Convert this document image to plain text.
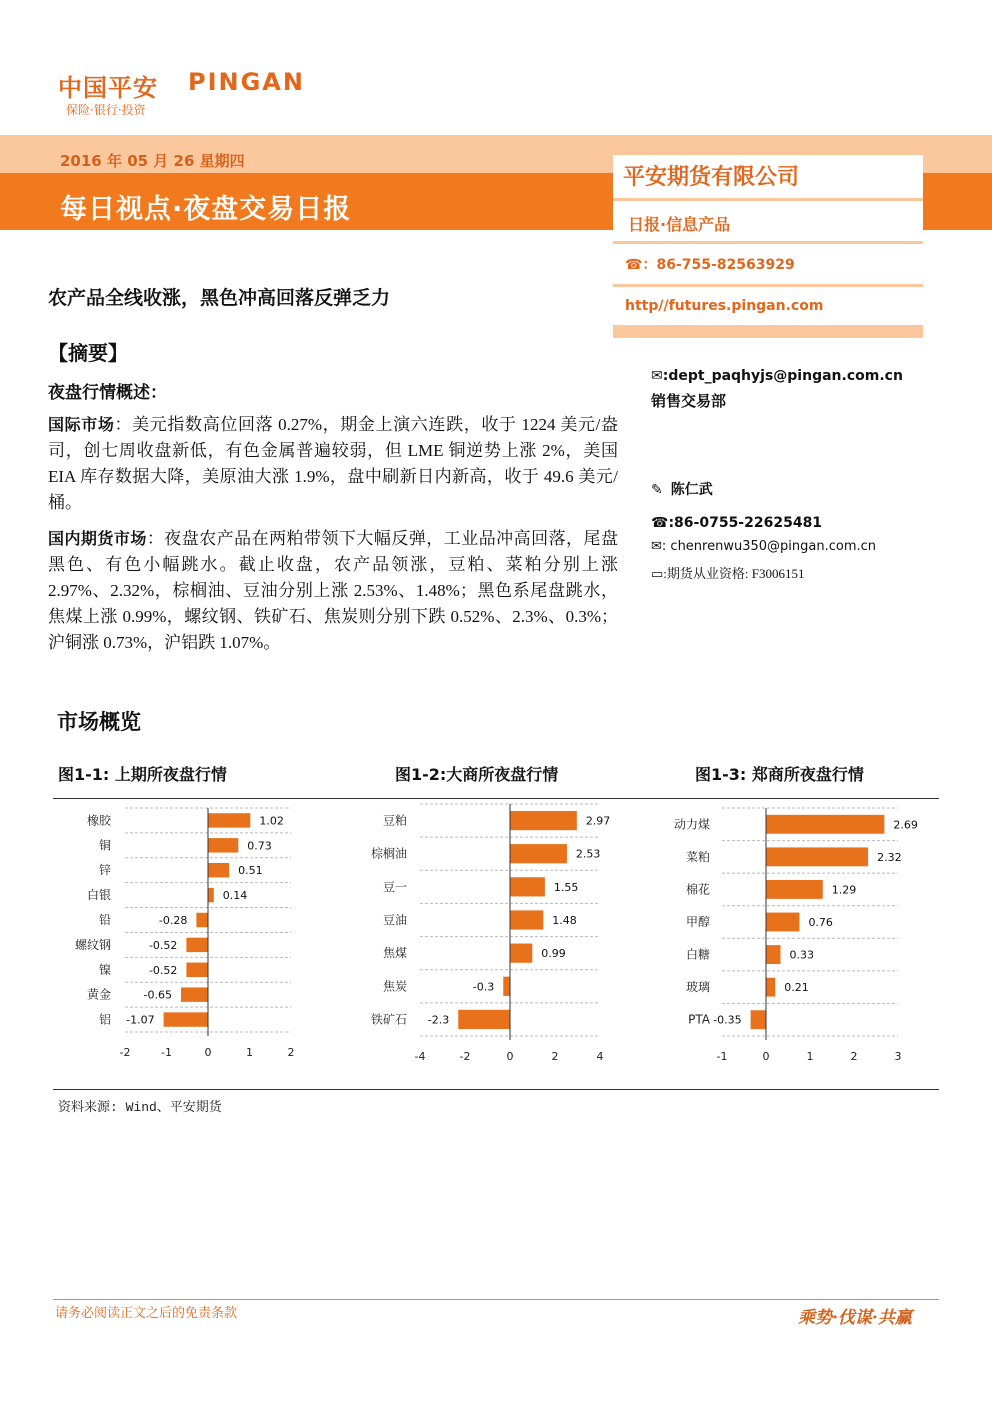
中国平安 PINGAN
保险·银行·投资
2016 年 05 月 26 星期四
每日视点·夜盘交易日报
平安期货有限公司
日报·信息产品
☎：86-755-82563929
http//futures.pingan.com
✉:dept_paqhyjs@pingan.com.cn
销售交易部
✎ 陈仁武
☎:86-0755-22625481
✉: chenrenwu350@pingan.com.cn
▭:期货从业资格: F3006151
农产品全线收涨，黑色冲高回落反弹乏力
【摘要】
夜盘行情概述：
国际市场：美元指数高位回落 0.27%，期金上演六连跌，收于 1224 美元/盎司，创七周收盘新低，有色金属普遍较弱，但 LME 铜逆势上涨 2%，美国 EIA 库存数据大降，美原油大涨 1.9%，盘中刷新日内新高，收于 49.6 美元/桶。
国内期货市场：夜盘农产品在两粕带领下大幅反弹，工业品冲高回落，尾盘黑色、有色小幅跳水。截止收盘，农产品领涨，豆粕、菜粕分别上涨 2.97%、2.32%，棕榈油、豆油分别上涨 2.53%、1.48%；黑色系尾盘跳水，焦煤上涨 0.99%，螺纹钢、铁矿石、焦炭则分别下跌 0.52%、2.3%、0.3%；沪铜涨 0.73%，沪铝跌 1.07%。
市场概览
图1-1: 上期所夜盘行情	图1-2:大商所夜盘行情	图1-3: 郑商所夜盘行情
橡胶	1.02
铜	0.73
锌	0.51
白银	0.14
铅	-0.28
螺纹钢	-0.52
镍	-0.52
黄金	-0.65
铝 -1.07
-2	-1	0	1	2
豆粕	2.97
棕榈油	2.53
豆一	1.55
豆油	1.48
焦煤	0.99
焦炭	-0.3
铁矿石 -2.3
-4	-2	0	2	4
动力煤	2.69
菜粕	2.32
棉花	1.29
甲醇	0.76
白糖	0.33
玻璃	0.21
PTA -0.35
-1	0	1	2	3
资料来源: Wind、平安期货
请务必阅读正文之后的免责条款	乘势·伐谋·共赢
